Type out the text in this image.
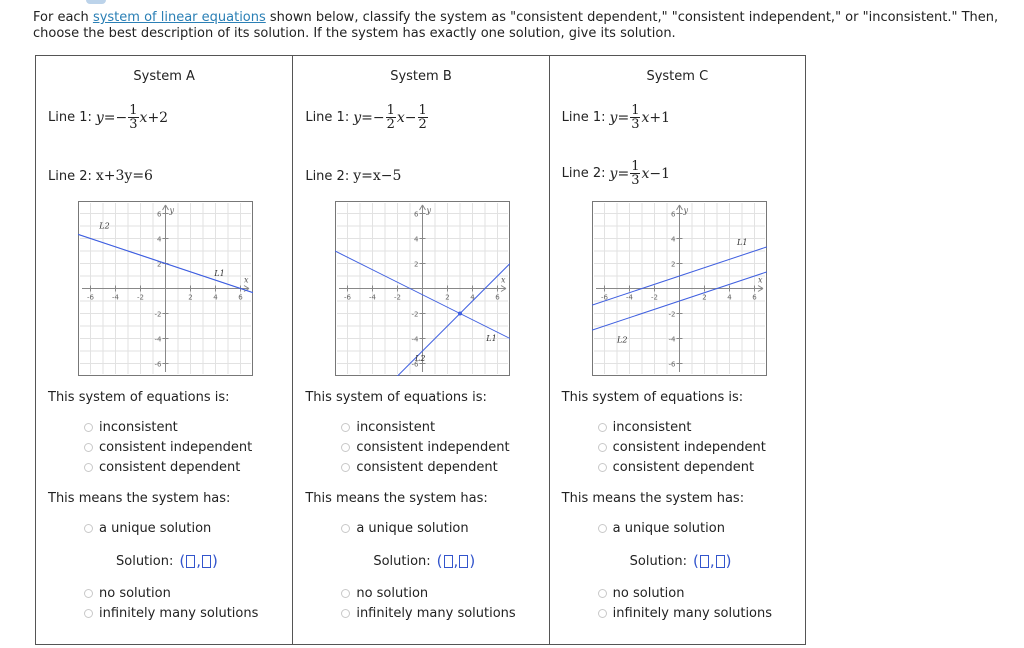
For each system of linear equations shown below, classify the system as "consistent dependent," "consistent independent," or "inconsistent." Then, choose the best description of its solution. If the system has exactly one solution, give its solution.
System A
Line 1: y = − $\frac{1}{3}$ x +2
Line 2: x+3y=6
x
y
-6	-4	-2	2	4	6
6
4
2
-2
-4
-6
L2
L1
This system of equations is:
inconsistent
consistent independent
consistent dependent
This means the system has:
a unique solution
Solution: ( , )
no solution
infinitely many solutions
System B
Line 1: y = − $\frac{1}{2}$ $x - \frac{1}{2}$
Line 2: y=x−5
x
y
-6	-4	-2	2	4	6
6
4
2
-2
-4
-6
L1
L2
This system of equations is:
inconsistent
consistent independent
consistent dependent
This means the system has:
a unique solution
Solution: ( , )
no solution
infinitely many solutions
System C
Line 1: $y = \frac{1}{3}$ x +1
Line 2: $y = \frac{1}{3}$ x −1
x
y
-6	-4	-2	2	4	6
6
4
2
-2
-4
-6
L1
L2
This system of equations is:
inconsistent
consistent independent
consistent dependent
This means the system has:
a unique solution
Solution: ( , )
no solution
infinitely many solutions
